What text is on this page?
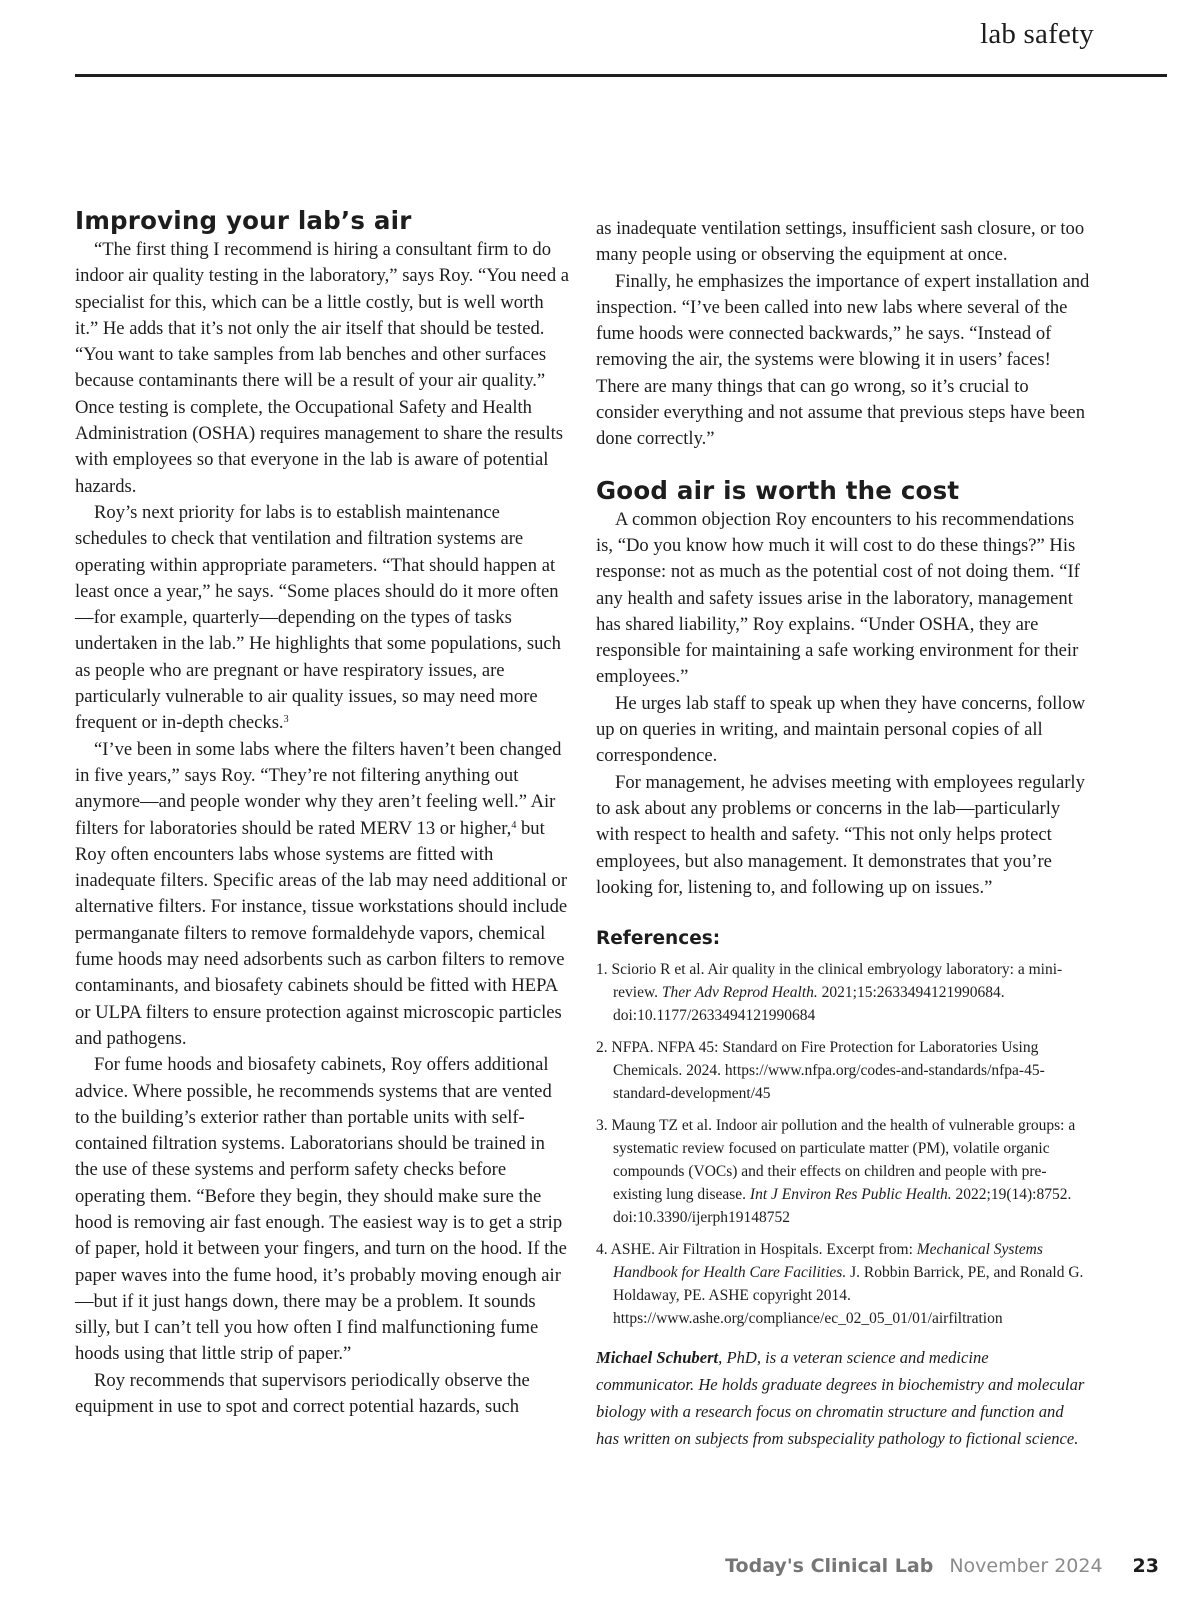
lab safety
Improving your lab’s air

“The first thing I recommend is hiring a consultant firm to do indoor air quality testing in the laboratory,” says Roy. “You need a specialist for this, which can be a little costly, but is well worth it.” He adds that it’s not only the air itself that should be tested. “You want to take samples from lab benches and other surfaces because contaminants there will be a result of your air quality.” Once testing is complete, the Occupational Safety and Health Administration (OSHA) requires management to share the results with employees so that everyone in the lab is aware of potential hazards.

Roy’s next priority for labs is to establish maintenance schedules to check that ventilation and filtration systems are operating within appropriate parameters. “That should happen at least once a year,” he says. “Some places should do it more often—for example, quarterly—depending on the types of tasks undertaken in the lab.” He highlights that some populations, such as people who are pregnant or have respiratory issues, are particularly vulnerable to air quality issues, so may need more frequent or in-depth checks.$^3$

“I’ve been in some labs where the filters haven’t been changed in five years,” says Roy. “They’re not filtering anything out anymore—and people wonder why they aren’t feeling well.” Air filters for laboratories should be rated MERV 13 or higher,$^4$ but Roy often encounters labs whose systems are fitted with inadequate filters. Specific areas of the lab may need additional or alternative filters. For instance, tissue workstations should include permanganate filters to remove formaldehyde vapors, chemical fume hoods may need adsorbents such as carbon filters to remove contaminants, and biosafety cabinets should be fitted with HEPA or ULPA filters to ensure protection against microscopic particles and pathogens.

For fume hoods and biosafety cabinets, Roy offers additional advice. Where possible, he recommends systems that are vented to the building’s exterior rather than portable units with self-contained filtration systems. Laboratorians should be trained in the use of these systems and perform safety checks before operating them. “Before they begin, they should make sure the hood is removing air fast enough. The easiest way is to get a strip of paper, hold it between your fingers, and turn on the hood. If the paper waves into the fume hood, it’s probably moving enough air—but if it just hangs down, there may be a problem. It sounds silly, but I can’t tell you how often I find malfunctioning fume hoods using that little strip of paper.”

Roy recommends that supervisors periodically observe the equipment in use to spot and correct potential hazards, such

as inadequate ventilation settings, insufficient sash closure, or too many people using or observing the equipment at once.

Finally, he emphasizes the importance of expert installation and inspection. “I’ve been called into new labs where several of the fume hoods were connected backwards,” he says. “Instead of removing the air, the systems were blowing it in users’ faces! There are many things that can go wrong, so it’s crucial to consider everything and not assume that previous steps have been done correctly.”

Good air is worth the cost

A common objection Roy encounters to his recommendations is, “Do you know how much it will cost to do these things?” His response: not as much as the potential cost of not doing them. “If any health and safety issues arise in the laboratory, management has shared liability,” Roy explains. “Under OSHA, they are responsible for maintaining a safe working environment for their employees.”

He urges lab staff to speak up when they have concerns, follow up on queries in writing, and maintain personal copies of all correspondence.

For management, he advises meeting with employees regularly to ask about any problems or concerns in the lab—particularly with respect to health and safety. “This not only helps protect employees, but also management. It demonstrates that you’re looking for, listening to, and following up on issues.”

References:
1. Sciorio R et al. Air quality in the clinical embryology laboratory: a mini-review. Ther Adv Reprod Health. 2021;15:2633494121990684. doi:10.1177/2633494121990684
2. NFPA. NFPA 45: Standard on Fire Protection for Laboratories Using Chemicals. 2024. https://www.nfpa.org/codes-and-standards/nfpa-45-standard-development/45
3. Maung TZ et al. Indoor air pollution and the health of vulnerable groups: a systematic review focused on particulate matter (PM), volatile organic compounds (VOCs) and their effects on children and people with pre-existing lung disease. Int J Environ Res Public Health. 2022;19(14):8752. doi:10.3390/ijerph19148752
4. ASHE. Air Filtration in Hospitals. Excerpt from: Mechanical Systems Handbook for Health Care Facilities. J. Robbin Barrick, PE, and Ronald G. Holdaway, PE. ASHE copyright 2014. https://www.ashe.org/compliance/ec_02_05_01/01/airfiltration
Michael Schubert, PhD, is a veteran science and medicine communicator. He holds graduate degrees in biochemistry and molecular biology with a research focus on chromatin structure and function and has written on subjects from subspeciality pathology to fictional science.
Today's Clinical Lab November 2024 23
